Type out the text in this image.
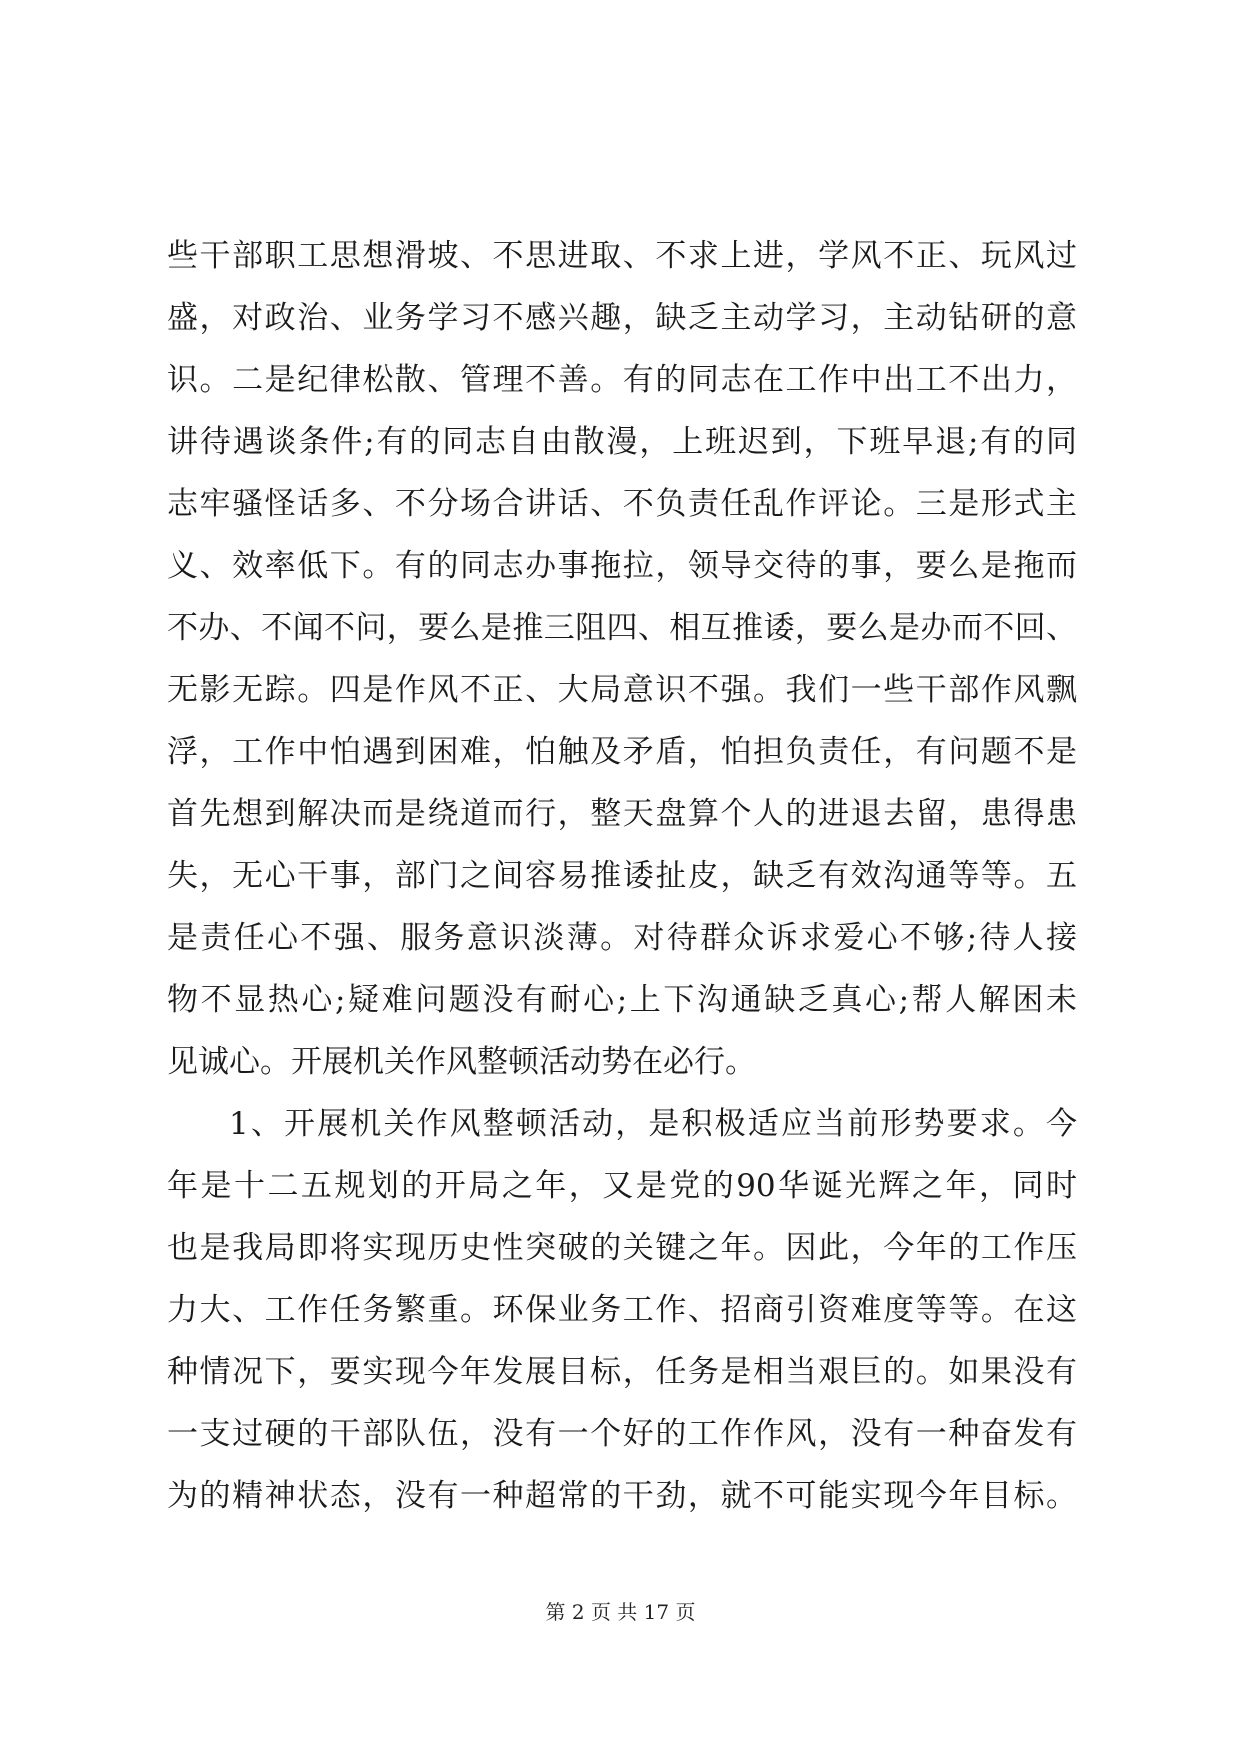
些干部职工思想滑坡、不思进取、不求上进，学风不正、玩风过
盛，对政治、业务学习不感兴趣，缺乏主动学习，主动钻研的意
识。二是纪律松散、管理不善。有的同志在工作中出工不出力，
讲待遇谈条件;有的同志自由散漫，上班迟到，下班早退;有的同
志牢骚怪话多、不分场合讲话、不负责任乱作评论。三是形式主
义、效率低下。有的同志办事拖拉，领导交待的事，要么是拖而
不办、不闻不问，要么是推三阻四、相互推诿，要么是办而不回、
无影无踪。四是作风不正、大局意识不强。我们一些干部作风飘
浮，工作中怕遇到困难，怕触及矛盾，怕担负责任，有问题不是
首先想到解决而是绕道而行，整天盘算个人的进退去留，患得患
失，无心干事，部门之间容易推诿扯皮，缺乏有效沟通等等。五
是责任心不强、服务意识淡薄。对待群众诉求爱心不够;待人接
物不显热心;疑难问题没有耐心;上下沟通缺乏真心;帮人解困未
见诚心。开展机关作风整顿活动势在必行。
1、开展机关作风整顿活动，是积极适应当前形势要求。今
年是十二五规划的开局之年，又是党的90华诞光辉之年，同时
也是我局即将实现历史性突破的关键之年。因此，今年的工作压
力大、工作任务繁重。环保业务工作、招商引资难度等等。在这
种情况下，要实现今年发展目标，任务是相当艰巨的。如果没有
一支过硬的干部队伍，没有一个好的工作作风，没有一种奋发有
为的精神状态，没有一种超常的干劲，就不可能实现今年目标。
第 2 页 共 17 页
